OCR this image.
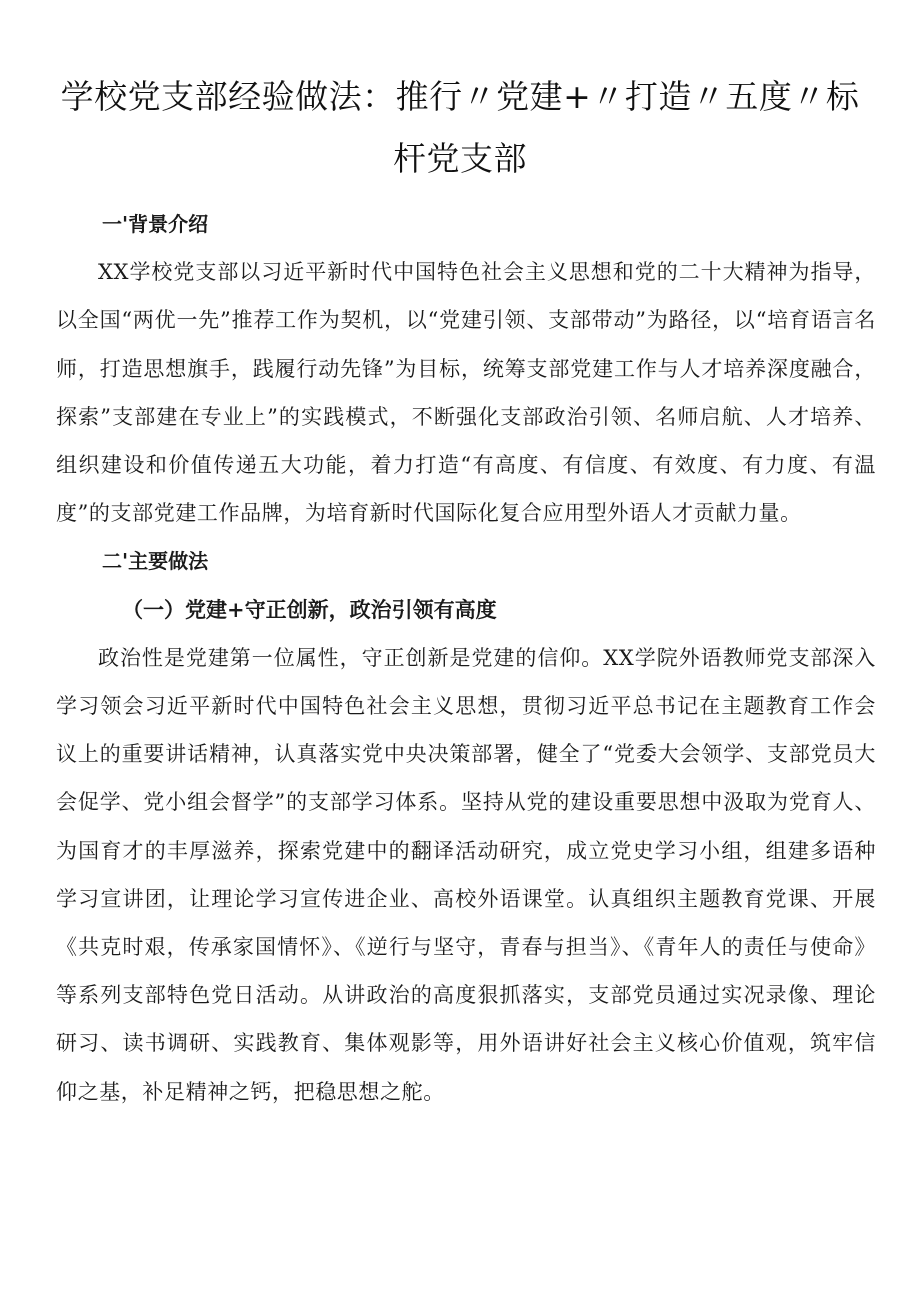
学校党支部经验做法：推行〃党建+〃打造〃五度〃标杆党支部

一'背景介绍

XX学校党支部以习近平新时代中国特色社会主义思想和党的二十大精神为指导，以全国“两优一先”推荐工作为契机，以“党建引领、支部带动”为路径，以“培育语言名师，打造思想旗手，践履行动先锋”为目标，统筹支部党建工作与人才培养深度融合，探索”支部建在专业上”的实践模式，不断强化支部政治引领、名师启航、人才培养、组织建设和价值传递五大功能，着力打造“有高度、有信度、有效度、有力度、有温度”的支部党建工作品牌，为培育新时代国际化复合应用型外语人才贡献力量。

二'主要做法

（一）党建+守正创新，政治引领有高度

政治性是党建第一位属性，守正创新是党建的信仰。XX学院外语教师党支部深入学习领会习近平新时代中国特色社会主义思想，贯彻习近平总书记在主题教育工作会议上的重要讲话精神，认真落实党中央决策部署，健全了“党委大会领学、支部党员大会促学、党小组会督学”的支部学习体系。坚持从党的建设重要思想中汲取为党育人、为国育才的丰厚滋养，探索党建中的翻译活动研究，成立党史学习小组，组建多语种学习宣讲团，让理论学习宣传进企业、高校外语课堂。认真组织主题教育党课、开展《共克时艰，传承家国情怀》、《逆行与坚守，青春与担当》、《青年人的责任与使命》等系列支部特色党日活动。从讲政治的高度狠抓落实，支部党员通过实况录像、理论研习、读书调研、实践教育、集体观影等，用外语讲好社会主义核心价值观，筑牢信仰之基，补足精神之钙，把稳思想之舵。
